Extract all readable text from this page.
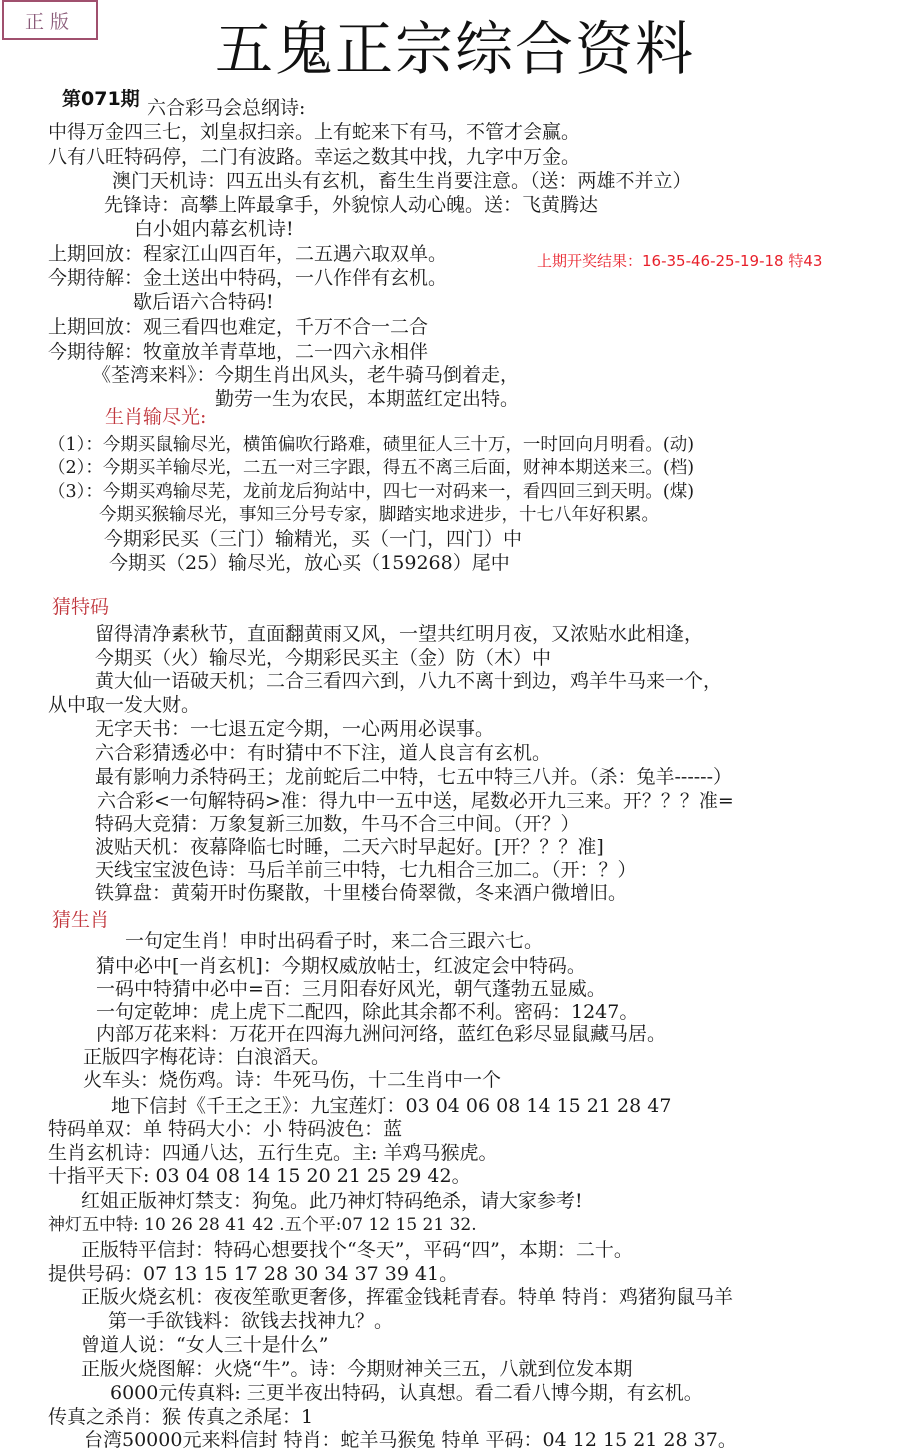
正版	五鬼正宗综合资料
第071期
上期开奖结果：16-35-46-25-19-18 特43
六合彩马会总纲诗:
中得万金四三七，刘皇叔扫亲。上有蛇来下有马，不管才会赢。
八有八旺特码停，二门有波路。幸运之数其中找，九字中万金。
澳门天机诗：四五出头有玄机，畜生生肖要注意。（送：两雄不并立）
先锋诗：高攀上阵最拿手，外貌惊人动心魄。送：飞黄腾达
白小姐内幕玄机诗!
上期回放：程家江山四百年，二五遇六取双单。
今期待解：金土送出中特码，一八作伴有玄机。
歇后语六合特码!
上期回放：观三看四也难定，千万不合一二合
今期待解：牧童放羊青草地，二一四六永相伴
《荃湾来料》： 今期生肖出风头，老牛骑马倒着走，
勤劳一生为农民，本期蓝红定出特。
生肖输尽光:
（1）：今期买鼠输尽光，横笛偏吹行路难，碛里征人三十万，一时回向月明看。(动)
（2）：今期买羊输尽光，二五一对三字跟，得五不离三后面，财神本期送来三。(档)
（3）：今期买鸡输尽芜，龙前龙后狗站中，四七一对码来一，看四回三到天明。(煤)
今期买猴输尽光，事知三分号专家，脚踏实地求进步，十七八年好积累。
今期彩民买（三门）输精光，买（一门，四门）中
今期买（25）输尽光，放心买（159268）尾中
猜特码
留得清净素秋节，直面翻黄雨又风，一望共红明月夜，又浓贴水此相逢，
今期买（火）输尽光，今期彩民买主（金）防（木）中
黄大仙一语破天机；二合三看四六到，八九不离十到边，鸡羊牛马来一个，
从中取一发大财。
无字天书：一七退五定今期，一心两用必误事。
六合彩猜透必中：有时猜中不下注，道人良言有玄机。
最有影响力杀特码王；龙前蛇后二中特，七五中特三八并。（杀：兔羊------）
六合彩<一句解特码>准：得九中一五中送，尾数必开九三来。开？？？准=
特码大竞猜：万象复新三加数，牛马不合三中间。（开？）
波贴天机：夜幕降临七时睡，二天六时早起好。[开？？？准]
天线宝宝波色诗：马后羊前三中特，七九相合三加二。（开：？）
铁算盘：黄菊开时伤聚散，十里楼台倚翠微，冬来酒户微增旧。
猜生肖
一句定生肖！申时出码看子时，来二合三跟六七。
猜中必中[一肖玄机]：今期权威放帖士，红波定会中特码。
一码中特猜中必中=百：三月阳春好风光，朝气蓬勃五显威。
一句定乾坤：虎上虎下二配四，除此其余都不利。密码：1247。
内部万花来料：万花开在四海九洲问河络，蓝红色彩尽显鼠藏马居。
正版四字梅花诗：白浪滔天。
火车头：烧伤鸡。诗：牛死马伤，十二生肖中一个
地下信封《千王之王》：九宝莲灯：03 04 06 08 14 15 21 28 47
特码单双：单 特码大小：小 特码波色：蓝
生肖玄机诗：四通八达，五行生克。主: 羊鸡马猴虎。
十指平天下: 03 04 08 14 15 20 21 25 29 42。
红姐正版神灯禁支：狗兔。此乃神灯特码绝杀，请大家参考!
神灯五中特: 10 26 28 41 42 .五个平:07 12 15 21 32.
正版特平信封：特码心想要找个“冬天”，平码“四”，本期：二十。
提供号码：07 13 15 17 28 30 34 37 39 41。
正版火烧玄机：夜夜笙歌更奢侈，挥霍金钱耗青春。特单 特肖：鸡猪狗鼠马羊
第一手欲钱料：欲钱去找神九？。
曾道人说：“女人三十是什么”
正版火烧图解：火烧“牛”。诗：今期财神关三五，八就到位发本期
6000元传真料: 三更半夜出特码，认真想。看二看八博今期，有玄机。
传真之杀肖：猴 传真之杀尾：1
台湾50000元来料信封 特肖：蛇羊马猴兔 特单 平码：04 12 15 21 28 37。
